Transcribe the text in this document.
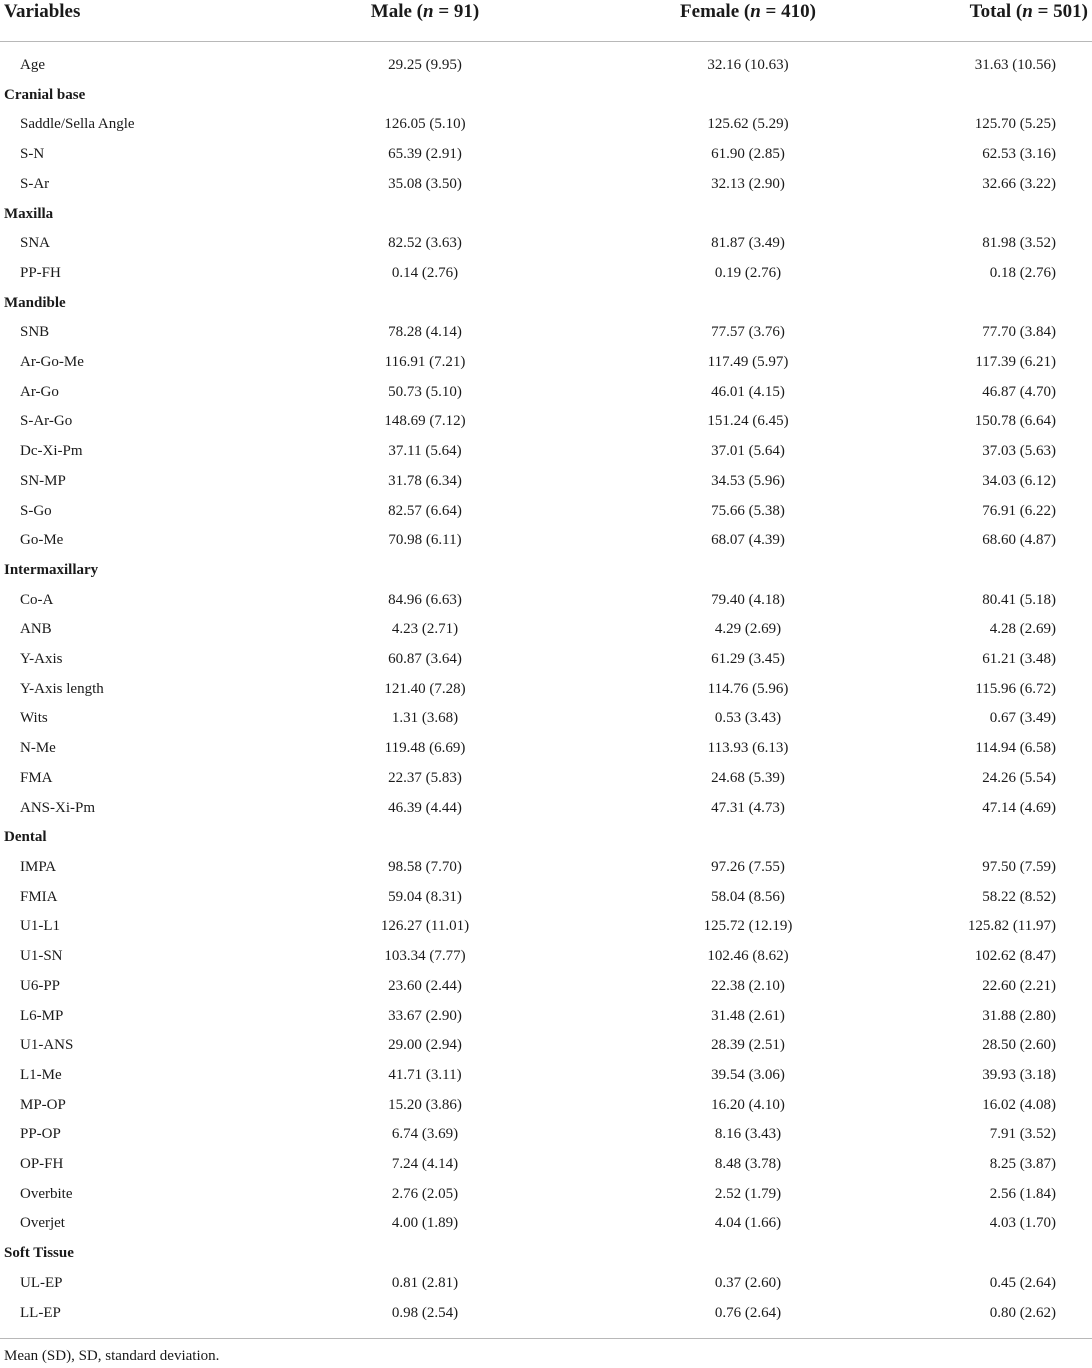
Variables	Male (n = 91)	Female (n = 410)	Total (n = 501)

Age	29.25 (9.95)	32.16 (10.63)	31.63 (10.56)
Cranial base			
Saddle/Sella Angle	126.05 (5.10)	125.62 (5.29)	125.70 (5.25)
S-N	65.39 (2.91)	61.90 (2.85)	62.53 (3.16)
S-Ar	35.08 (3.50)	32.13 (2.90)	32.66 (3.22)
Maxilla			
SNA	82.52 (3.63)	81.87 (3.49)	81.98 (3.52)
PP-FH	0.14 (2.76)	0.19 (2.76)	0.18 (2.76)
Mandible			
SNB	78.28 (4.14)	77.57 (3.76)	77.70 (3.84)
Ar-Go-Me	116.91 (7.21)	117.49 (5.97)	117.39 (6.21)
Ar-Go	50.73 (5.10)	46.01 (4.15)	46.87 (4.70)
S-Ar-Go	148.69 (7.12)	151.24 (6.45)	150.78 (6.64)
Dc-Xi-Pm	37.11 (5.64)	37.01 (5.64)	37.03 (5.63)
SN-MP	31.78 (6.34)	34.53 (5.96)	34.03 (6.12)
S-Go	82.57 (6.64)	75.66 (5.38)	76.91 (6.22)
Go-Me	70.98 (6.11)	68.07 (4.39)	68.60 (4.87)
Intermaxillary			
Co-A	84.96 (6.63)	79.40 (4.18)	80.41 (5.18)
ANB	4.23 (2.71)	4.29 (2.69)	4.28 (2.69)
Y-Axis	60.87 (3.64)	61.29 (3.45)	61.21 (3.48)
Y-Axis length	121.40 (7.28)	114.76 (5.96)	115.96 (6.72)
Wits	1.31 (3.68)	0.53 (3.43)	0.67 (3.49)
N-Me	119.48 (6.69)	113.93 (6.13)	114.94 (6.58)
FMA	22.37 (5.83)	24.68 (5.39)	24.26 (5.54)
ANS-Xi-Pm	46.39 (4.44)	47.31 (4.73)	47.14 (4.69)
Dental			
IMPA	98.58 (7.70)	97.26 (7.55)	97.50 (7.59)
FMIA	59.04 (8.31)	58.04 (8.56)	58.22 (8.52)
U1-L1	126.27 (11.01)	125.72 (12.19)	125.82 (11.97)
U1-SN	103.34 (7.77)	102.46 (8.62)	102.62 (8.47)
U6-PP	23.60 (2.44)	22.38 (2.10)	22.60 (2.21)
L6-MP	33.67 (2.90)	31.48 (2.61)	31.88 (2.80)
U1-ANS	29.00 (2.94)	28.39 (2.51)	28.50 (2.60)
L1-Me	41.71 (3.11)	39.54 (3.06)	39.93 (3.18)
MP-OP	15.20 (3.86)	16.20 (4.10)	16.02 (4.08)
PP-OP	6.74 (3.69)	8.16 (3.43)	7.91 (3.52)
OP-FH	7.24 (4.14)	8.48 (3.78)	8.25 (3.87)
Overbite	2.76 (2.05)	2.52 (1.79)	2.56 (1.84)
Overjet	4.00 (1.89)	4.04 (1.66)	4.03 (1.70)
Soft Tissue			
UL-EP	0.81 (2.81)	0.37 (2.60)	0.45 (2.64)
LL-EP	0.98 (2.54)	0.76 (2.64)	0.80 (2.62)
Mean (SD), SD, standard deviation.
